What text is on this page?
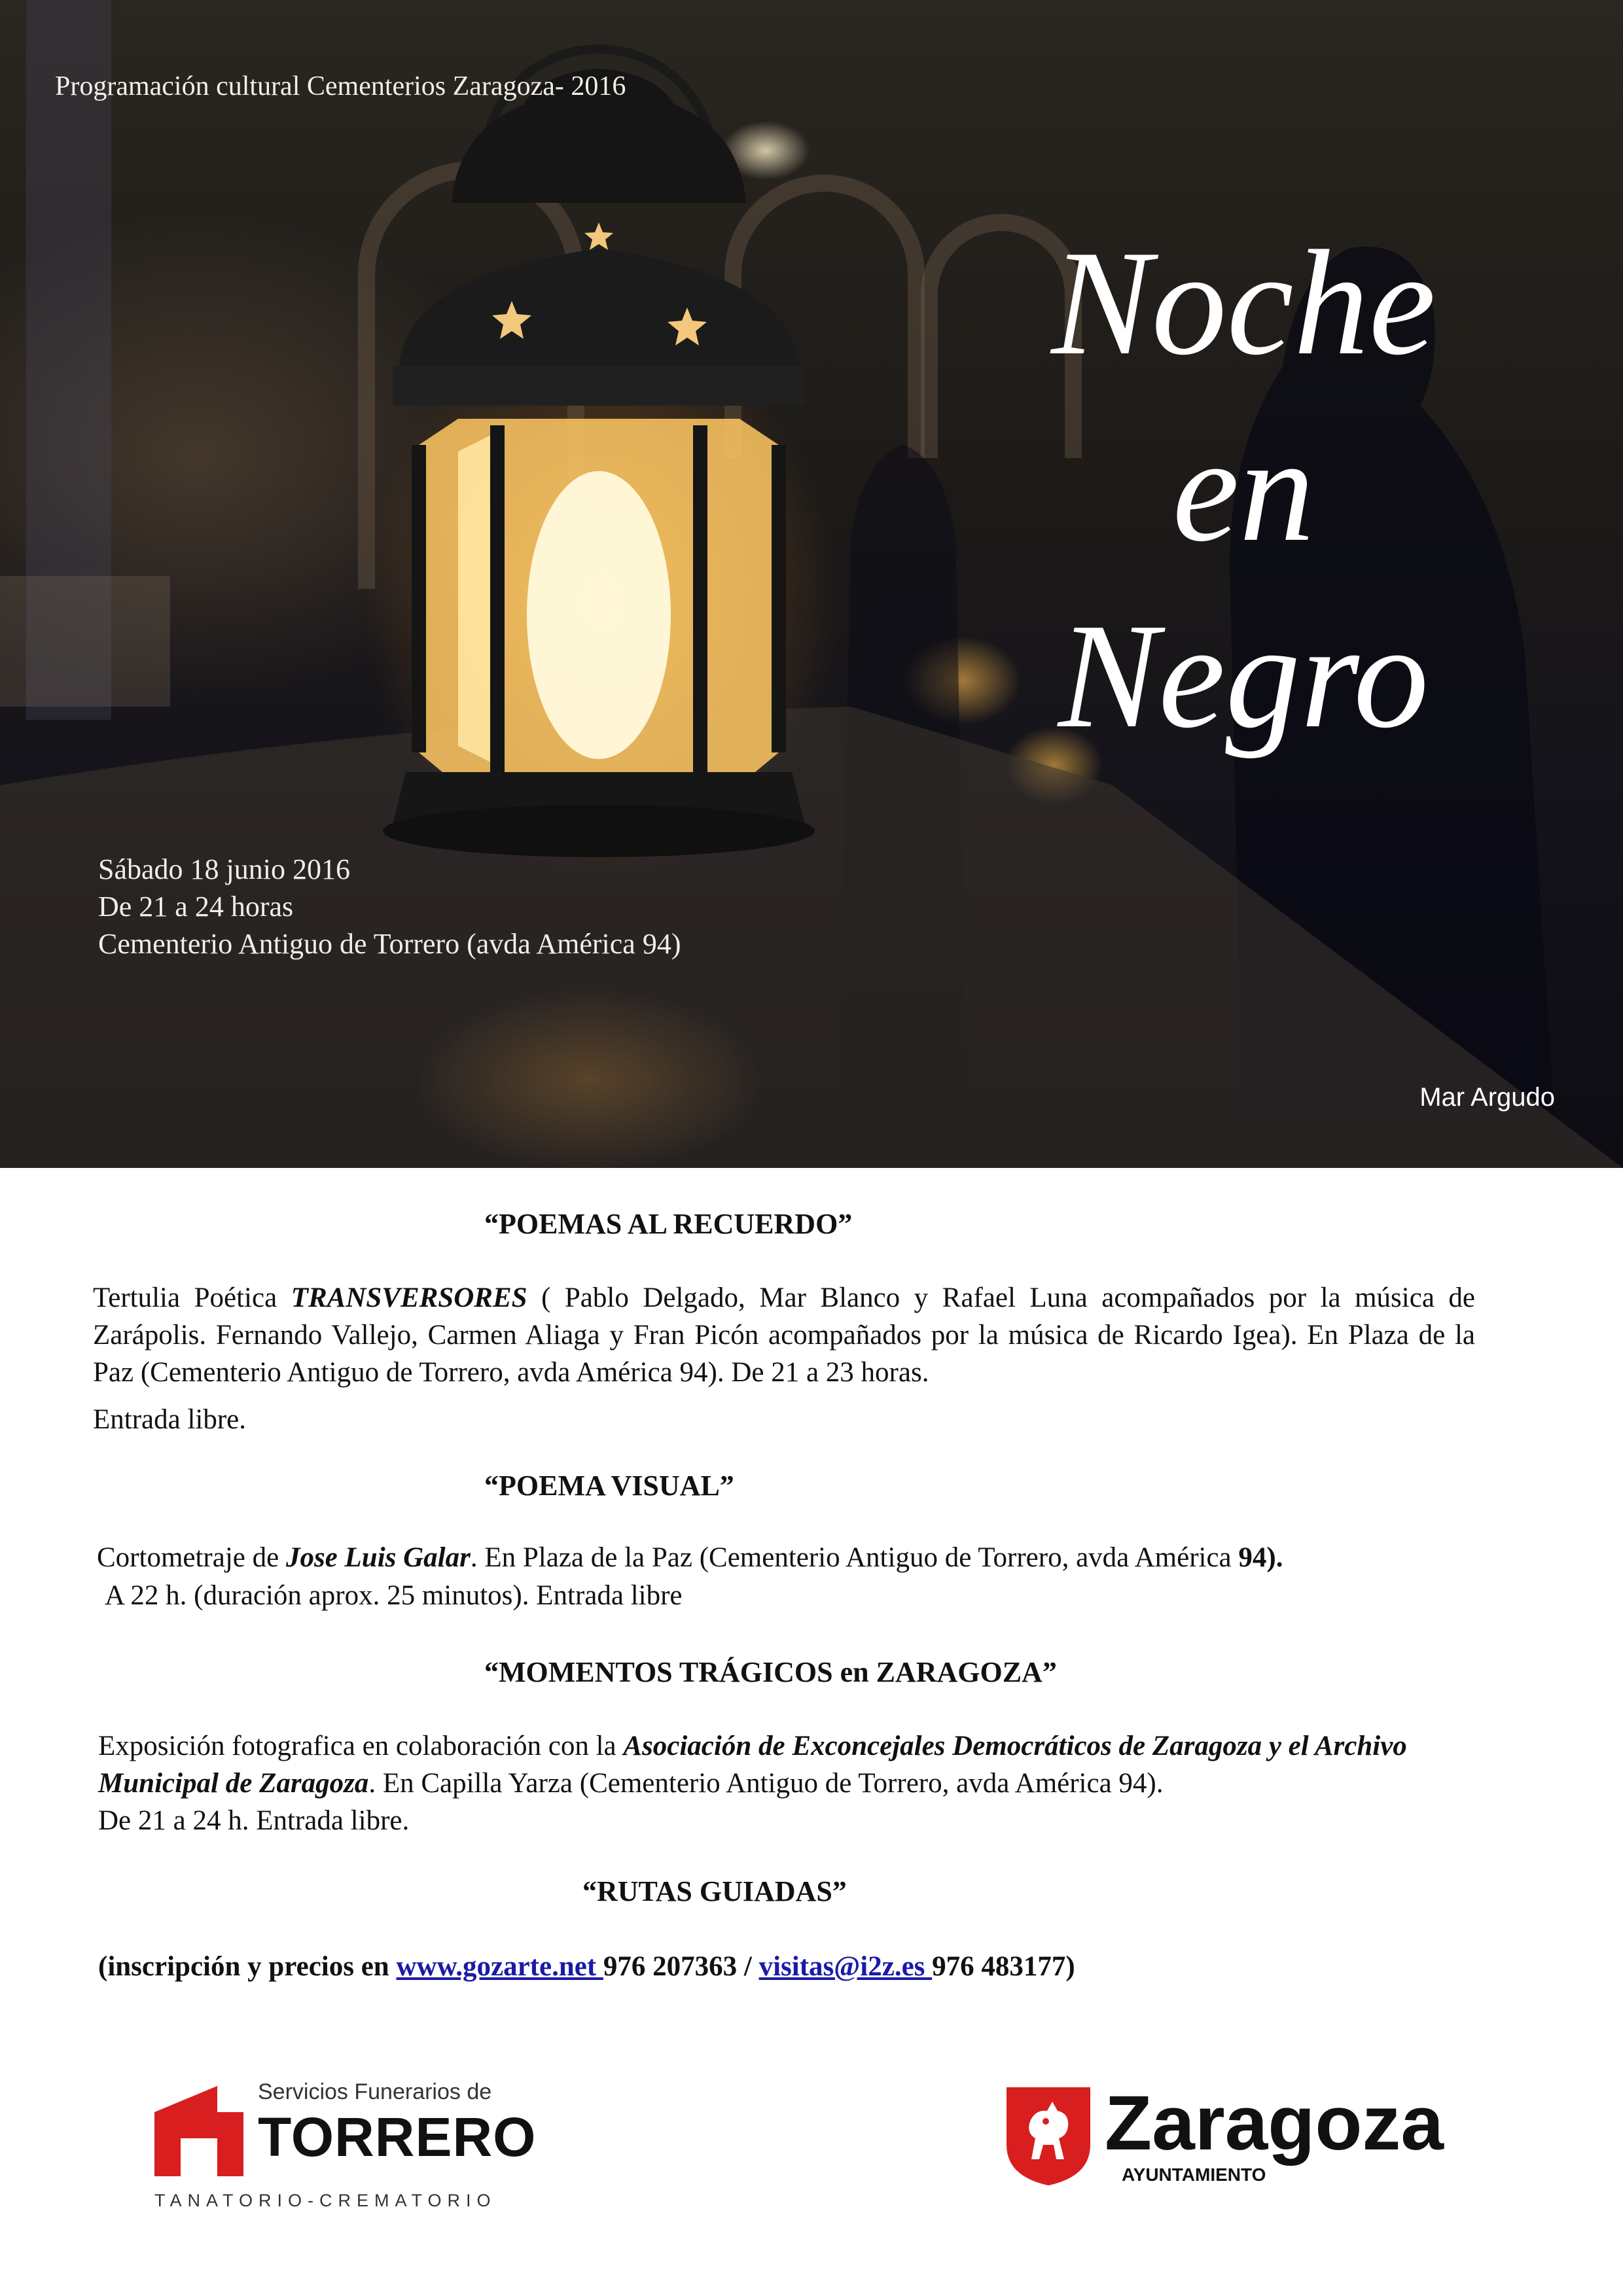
Programación cultural Cementerios Zaragoza- 2016
Noche
en
Negro
Sábado 18 junio 2016
De 21 a 24 horas
Cementerio Antiguo de Torrero (avda América 94)
Mar Argudo
“POEMAS AL RECUERDO”
Tertulia Poética TRANSVERSORES ( Pablo Delgado, Mar Blanco y Rafael Luna acompañados por la música de Zarápolis. Fernando Vallejo, Carmen Aliaga y Fran Picón acompañados por la música de Ricardo Igea). En Plaza de la Paz (Cementerio Antiguo de Torrero, avda América 94). De 21 a 23 horas.
Entrada libre.
“POEMA VISUAL”
Cortometraje de Jose Luis Galar. En Plaza de la Paz (Cementerio Antiguo de Torrero, avda América 94).
A 22 h. (duración aprox. 25 minutos). Entrada libre
“MOMENTOS TRÁGICOS en ZARAGOZA”
Exposición fotografica en colaboración con la Asociación de Exconcejales Democráticos de Zaragoza y el Archivo Municipal de Zaragoza. En Capilla Yarza (Cementerio Antiguo de Torrero, avda América 94).
De 21 a 24 h. Entrada libre.
“RUTAS GUIADAS”
(inscripción y precios en www.gozarte.net 976 207363 / visitas@i2z.es 976 483177)
Servicios Funerarios de
TORRERO
TANATORIO-CREMATORIO
Zaragoza
AYUNTAMIENTO
